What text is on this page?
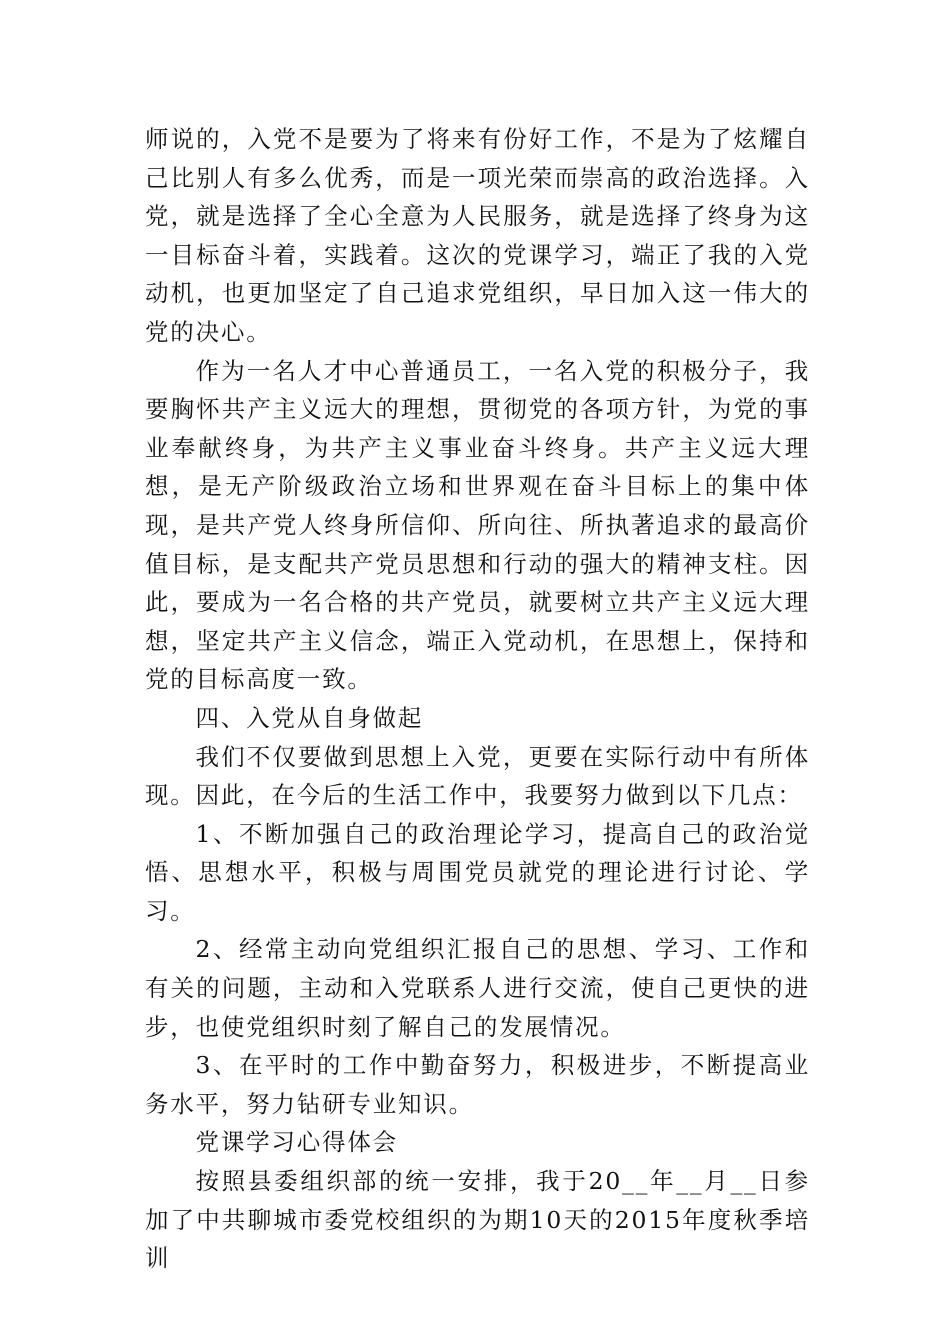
师说的，入党不是要为了将来有份好工作，不是为了炫耀自己比别人有多么优秀，而是一项光荣而崇高的政治选择。入党，就是选择了全心全意为人民服务，就是选择了终身为这一目标奋斗着，实践着。这次的党课学习，端正了我的入党动机，也更加坚定了自己追求党组织，早日加入这一伟大的党的决心。

作为一名人才中心普通员工，一名入党的积极分子，我要胸怀共产主义远大的理想，贯彻党的各项方针，为党的事业奉献终身，为共产主义事业奋斗终身。共产主义远大理想，是无产阶级政治立场和世界观在奋斗目标上的集中体现，是共产党人终身所信仰、所向往、所执著追求的最高价值目标，是支配共产党员思想和行动的强大的精神支柱。因此，要成为一名合格的共产党员，就要树立共产主义远大理想，坚定共产主义信念，端正入党动机，在思想上，保持和党的目标高度一致。

四、入党从自身做起

我们不仅要做到思想上入党，更要在实际行动中有所体现。因此，在今后的生活工作中，我要努力做到以下几点：

1、不断加强自己的政治理论学习，提高自己的政治觉悟、思想水平，积极与周围党员就党的理论进行讨论、学习。

2、经常主动向党组织汇报自己的思想、学习、工作和有关的问题，主动和入党联系人进行交流，使自己更快的进步，也使党组织时刻了解自己的发展情况。

3、在平时的工作中勤奋努力，积极进步，不断提高业务水平，努力钻研专业知识。

党课学习心得体会

按照县委组织部的统一安排，我于20__年__月__日参加了中共聊城市委党校组织的为期10天的2015年度秋季培训
